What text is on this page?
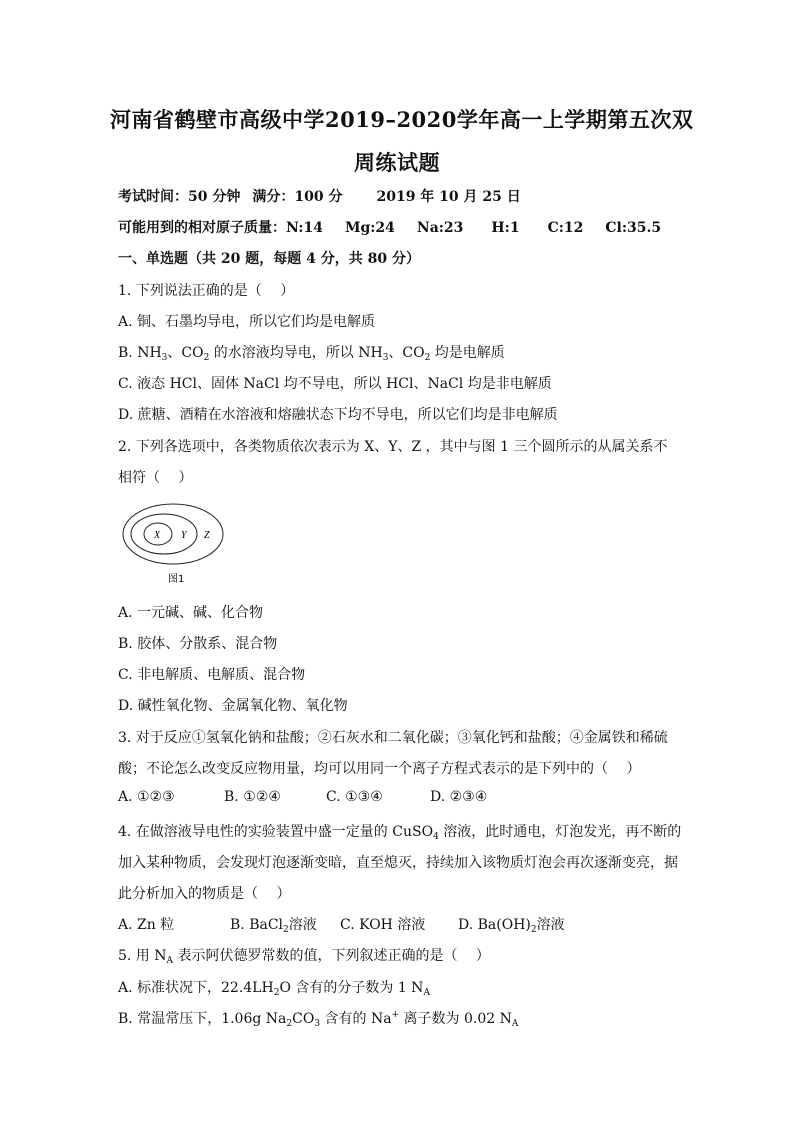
河南省鹤壁市高级中学2019–2020学年高一上学期第五次双
周练试题
考试时间：50 分钟 满分：100 分 2019 年 10 月 25 日
可能用到的相对原子质量：N:14 Mg:24 Na:23 H:1 C:12 Cl:35.5
一、单选题（共 20 题，每题 4 分，共 80 分）
1. 下列说法正确的是（　 ）
A. 铜、石墨均导电，所以它们均是电解质
B. $NH_3$、$CO_2$ 的水溶液均导电，所以 $NH_3$、$CO_2$ 均是电解质
C. 液态 HCl、固体 NaCl 均不导电，所以 HCl、NaCl 均是非电解质
D. 蔗糖、酒精在水溶液和熔融状态下均不导电，所以它们均是非电解质
2. 下列各选项中，各类物质依次表示为 X、Y、Z ，其中与图 1 三个圆所示的从属关系不
相符（　 ）
X Y Z
图1
A. 一元碱、碱、化合物
B. 胶体、分散系、混合物
C. 非电解质、电解质、混合物
D. 碱性氧化物、金属氧化物、氧化物
3. 对于反应①氢氧化钠和盐酸；②石灰水和二氧化碳；③氧化钙和盐酸；④金属铁和稀硫
酸；不论怎么改变反应物用量，均可以用同一个离子方程式表示的是下列中的（　 ）
A. ①②③	B. ①②④	C. ①③④	D. ②③④
4. 在做溶液导电性的实验装置中盛一定量的 CuSO$_4$ 溶液，此时通电，灯泡发光，再不断的
加入某种物质，会发现灯泡逐渐变暗，直至熄灭，持续加入该物质灯泡会再次逐渐变亮，据
此分析加入的物质是（　 ）
A. Zn 粒	B. BaCl2溶液 C. KOH 溶液 D. Ba(OH)2溶液
5. 用 $N_A$ 表示阿伏德罗常数的值，下列叙述正确的是（　 ）
A. 标准状况下，$22.4LH_2O$ 含有的分子数为 1 $N_A$
B. 常温常压下，1.06g $Na_2CO_3$ 含有的 Na+ 离子数为 0.02 $N_A$
